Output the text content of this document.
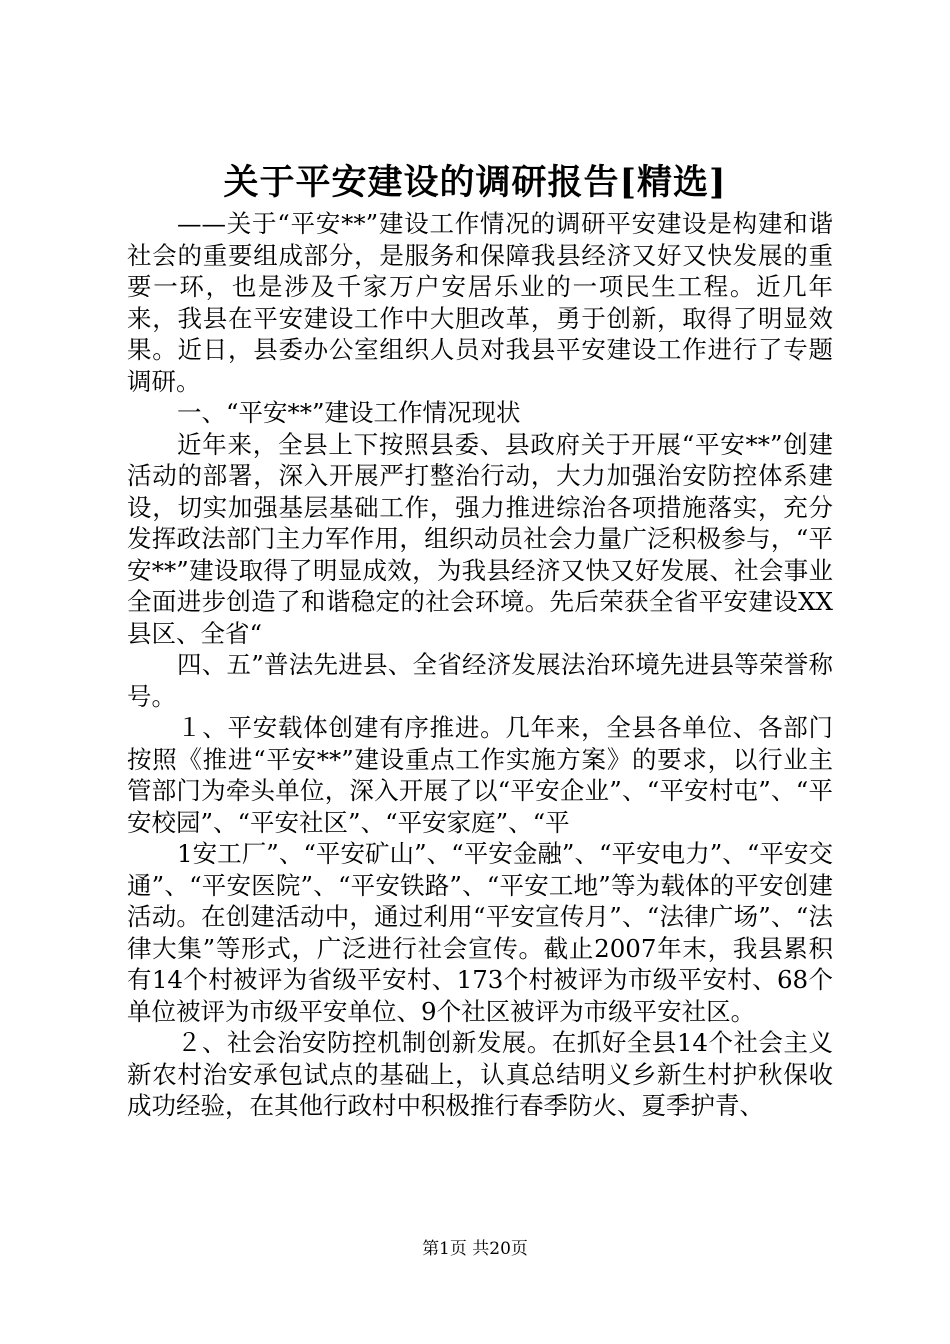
关于平安建设的调研报告[精选]

——关于“平安**”建设工作情况的调研平安建设是构建和谐社会的重要组成部分，是服务和保障我县经济又好又快发展的重要一环，也是涉及千家万户安居乐业的一项民生工程。近几年来，我县在平安建设工作中大胆改革，勇于创新，取得了明显效果。近日，县委办公室组织人员对我县平安建设工作进行了专题调研。

一、“平安**”建设工作情况现状

近年来，全县上下按照县委、县政府关于开展“平安**”创建活动的部署，深入开展严打整治行动，大力加强治安防控体系建设，切实加强基层基础工作，强力推进综治各项措施落实，充分发挥政法部门主力军作用，组织动员社会力量广泛积极参与，“平安**”建设取得了明显成效，为我县经济又快又好发展、社会事业全面进步创造了和谐稳定的社会环境。先后荣获全省平安建设XX县区、全省“

四、五”普法先进县、全省经济发展法治环境先进县等荣誉称号。

１、平安载体创建有序推进。几年来，全县各单位、各部门按照《推进“平安**”建设重点工作实施方案》的要求，以行业主管部门为牵头单位，深入开展了以“平安企业”、“平安村屯”、“平安校园”、“平安社区”、“平安家庭”、“平

1安工厂”、“平安矿山”、“平安金融”、“平安电力”、“平安交通”、“平安医院”、“平安铁路”、“平安工地”等为载体的平安创建活动。在创建活动中，通过利用“平安宣传月”、“法律广场”、“法律大集”等形式，广泛进行社会宣传。截止2007年末，我县累积有14个村被评为省级平安村、173个村被评为市级平安村、68个单位被评为市级平安单位、9个社区被评为市级平安社区。

２、社会治安防控机制创新发展。在抓好全县14个社会主义新农村治安承包试点的基础上，认真总结明义乡新生村护秋保收成功经验，在其他行政村中积极推行春季防火、夏季护青、

第1页 共20页
